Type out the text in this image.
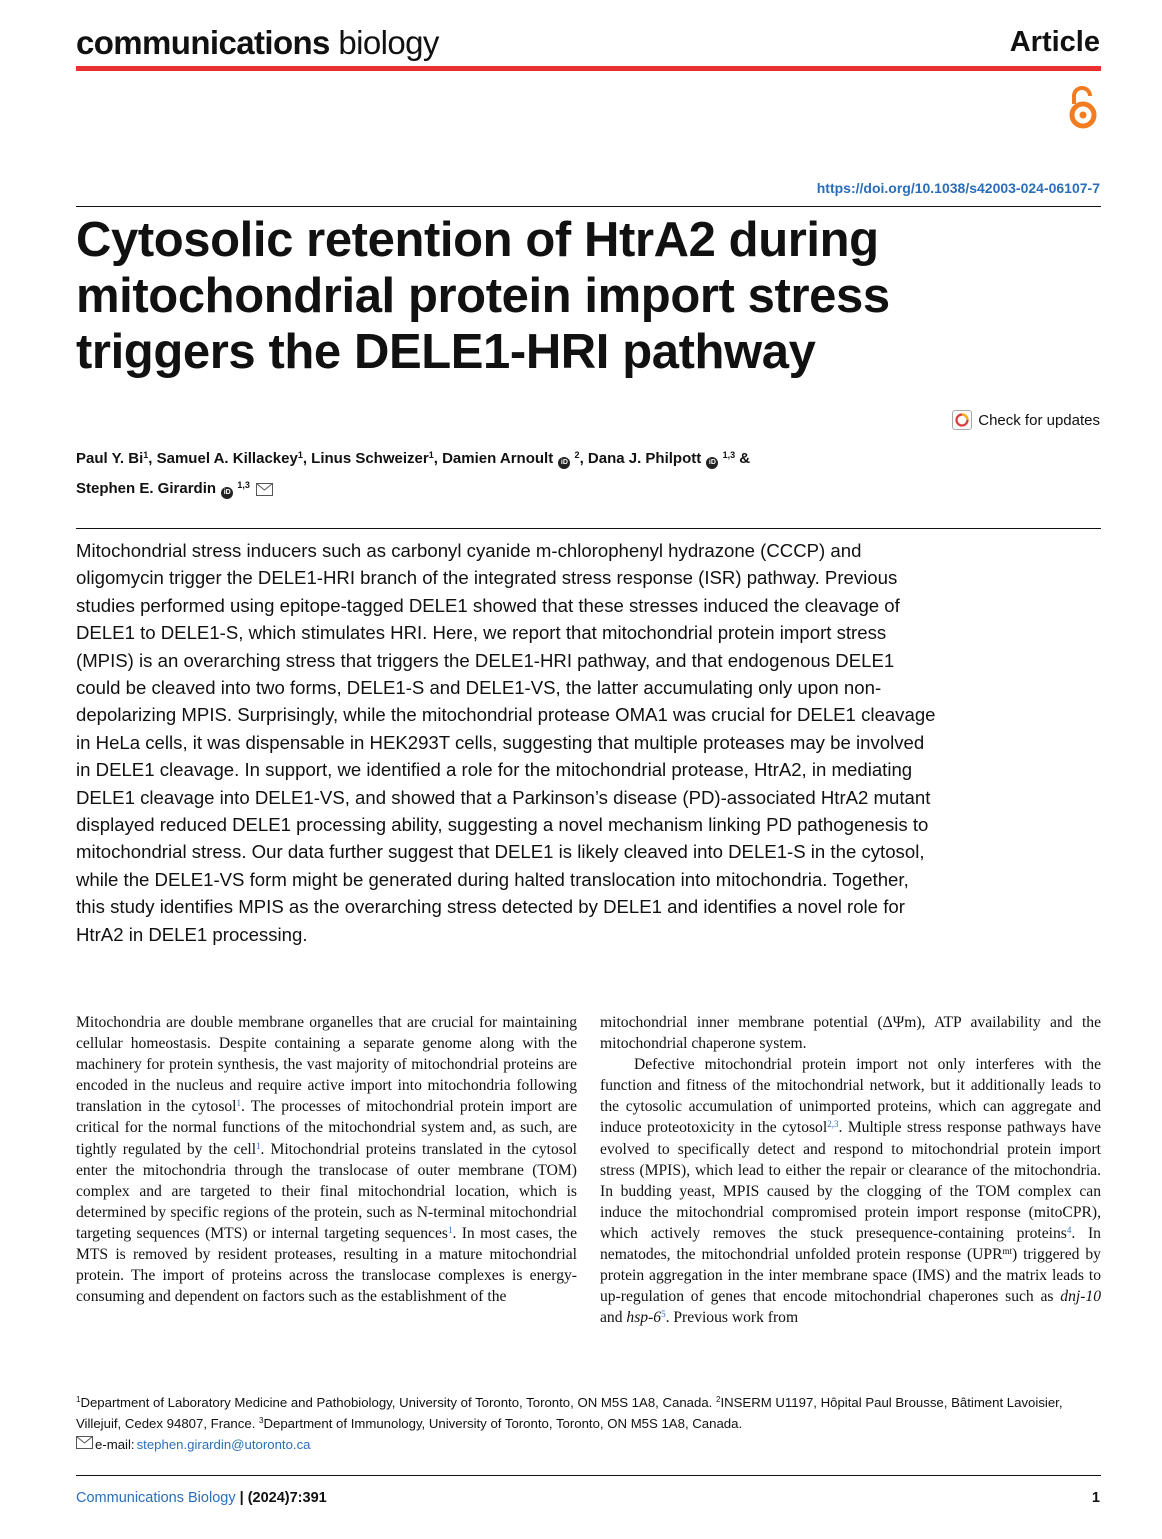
communications biology	Article
https://doi.org/10.1038/s42003-024-06107-7
Cytosolic retention of HtrA2 during mitochondrial protein import stress triggers the DELE1-HRI pathway
Check for updates
Paul Y. Bi$^1$, Samuel A. Killackey$^1$, Linus Schweizer$^1$, Damien Arnoult iD $^2$, Dana J. Philpott iD $^{1,3}$ &
Stephen E. Girardin iD $^{1,3}$

Mitochondrial stress inducers such as carbonyl cyanide m-chlorophenyl hydrazone (CCCP) and oligomycin trigger the DELE1-HRI branch of the integrated stress response (ISR) pathway. Previous studies performed using epitope-tagged DELE1 showed that these stresses induced the cleavage of DELE1 to DELE1-S, which stimulates HRI. Here, we report that mitochondrial protein import stress (MPIS) is an overarching stress that triggers the DELE1-HRI pathway, and that endogenous DELE1 could be cleaved into two forms, DELE1-S and DELE1-VS, the latter accumulating only upon non-depolarizing MPIS. Surprisingly, while the mitochondrial protease OMA1 was crucial for DELE1 cleavage in HeLa cells, it was dispensable in HEK293T cells, suggesting that multiple proteases may be involved in DELE1 cleavage. In support, we identified a role for the mitochondrial protease, HtrA2, in mediating DELE1 cleavage into DELE1-VS, and showed that a Parkinson’s disease (PD)-associated HtrA2 mutant displayed reduced DELE1 processing ability, suggesting a novel mechanism linking PD pathogenesis to mitochondrial stress. Our data further suggest that DELE1 is likely cleaved into DELE1-S in the cytosol, while the DELE1-VS form might be generated during halted translocation into mitochondria. Together, this study identifies MPIS as the overarching stress detected by DELE1 and identifies a novel role for HtrA2 in DELE1 processing.

Mitochondria are double membrane organelles that are crucial for maintaining cellular homeostasis. Despite containing a separate genome along with the machinery for protein synthesis, the vast majority of mitochondrial proteins are encoded in the nucleus and require active import into mitochondria following translation in the cytosol$^1$. The processes of mitochondrial protein import are critical for the normal functions of the mitochondrial system and, as such, are tightly regulated by the cell$^1$. Mitochondrial proteins translated in the cytosol enter the mitochondria through the translocase of outer membrane (TOM) complex and are targeted to their final mitochondrial location, which is determined by specific regions of the protein, such as N-terminal mitochondrial targeting sequences (MTS) or internal targeting sequences$^1$. In most cases, the MTS is removed by resident proteases, resulting in a mature mitochondrial protein. The import of proteins across the translocase complexes is energy-consuming and dependent on factors such as the establishment of the

mitochondrial inner membrane potential (ΔΨm), ATP availability and the mitochondrial chaperone system.

Defective mitochondrial protein import not only interferes with the function and fitness of the mitochondrial network, but it additionally leads to the cytosolic accumulation of unimported proteins, which can aggregate and induce proteotoxicity in the cytosol$^{2,3}$. Multiple stress response pathways have evolved to specifically detect and respond to mitochondrial protein import stress (MPIS), which lead to either the repair or clearance of the mitochondria. In budding yeast, MPIS caused by the clogging of the TOM complex can induce the mitochondrial compromised protein import response (mitoCPR), which actively removes the stuck presequence-containing proteins$^4$. In nematodes, the mitochondrial unfolded protein response $(UPR^{mt})$ triggered by protein aggregation in the inter membrane space (IMS) and the matrix leads to up-regulation of genes that encode mitochondrial chaperones such as dnj-10 and hsp-$6^5$. Previous work from

$^1$Department of Laboratory Medicine and Pathobiology, University of Toronto, Toronto, ON M5S 1A8, Canada. $^2$INSERM U1197, Hôpital Paul Brousse, Bâtiment Lavoisier, Villejuif, Cedex 94807, France. $^3$Department of Immunology, University of Toronto, Toronto, ON M5S 1A8, Canada.

e-mail: stephen.girardin@utoronto.ca
Communications Biology | (2024)7:391	1
